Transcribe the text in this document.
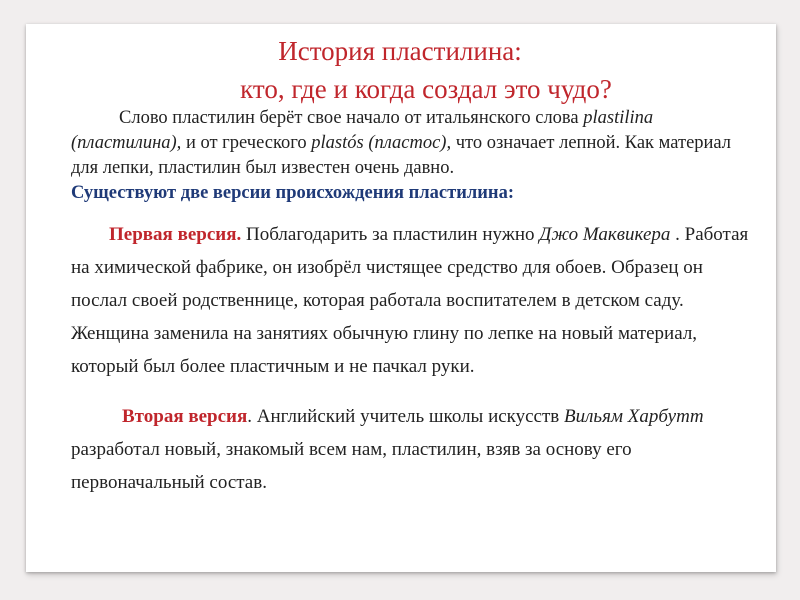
История пластилина:
кто, где и когда создал это чудо?
Слово пластилин берёт свое начало от итальянского слова plastilina (пластилина), и от греческого plastós (пластос), что означает лепной. Как материал для лепки, пластилин был известен очень давно.
Существуют две версии происхождения пластилина:
Первая версия. Поблагодарить за пластилин нужно Джо Маквикера . Работая на химической фабрике, он изобрёл чистящее средство для обоев. Образец он послал своей родственнице, которая работала воспитателем в детском саду. Женщина заменила на занятиях обычную глину по лепке на новый материал, который был более пластичным и не пачкал руки.
Вторая версия. Английский учитель школы искусств Вильям Харбутт разработал новый, знакомый всем нам, пластилин, взяв за основу его первоначальный состав.
